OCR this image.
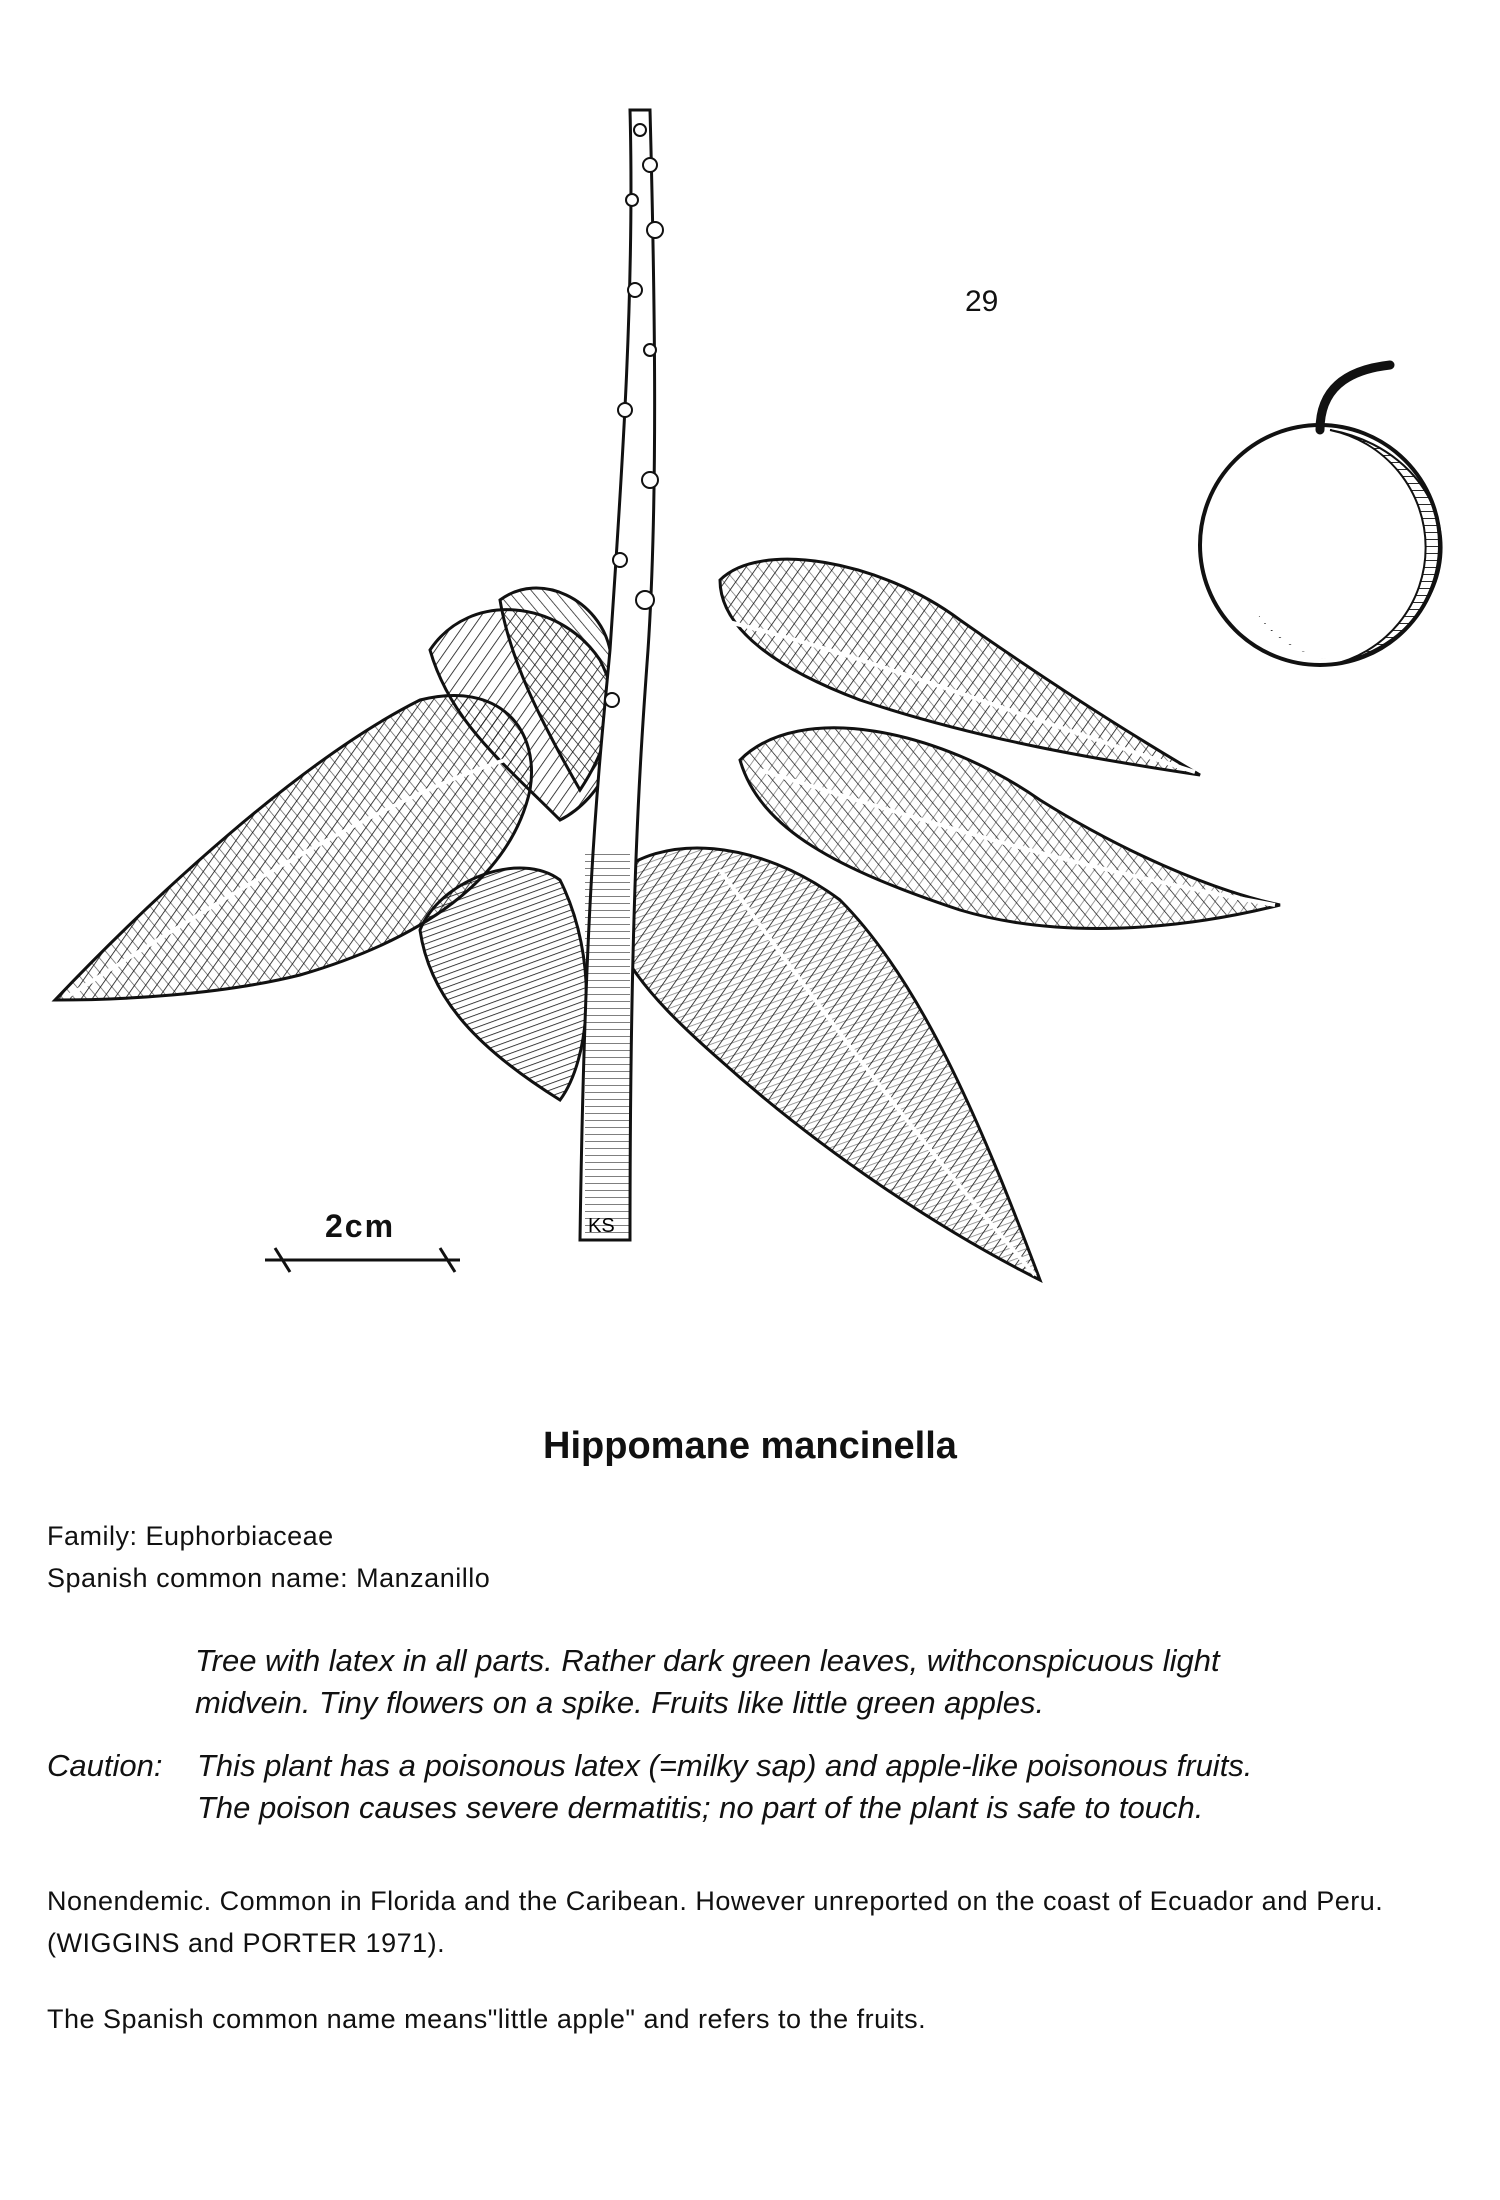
29
KS
2cm
Hippomane mancinella
Family: Euphorbiaceae
Spanish common name: Manzanillo
Tree with latex in all parts. Rather dark green leaves, withconspicuous light
midvein. Tiny flowers on a spike. Fruits like little green apples.
Caution:	This plant has a poisonous latex (=milky sap) and apple-like poisonous fruits.
The poison causes severe dermatitis; no part of the plant is safe to touch.
Nonendemic. Common in Florida and the Caribean. However unreported on the coast of Ecuador and Peru. (WIGGINS and PORTER 1971).
The Spanish common name means"little apple" and refers to the fruits.
